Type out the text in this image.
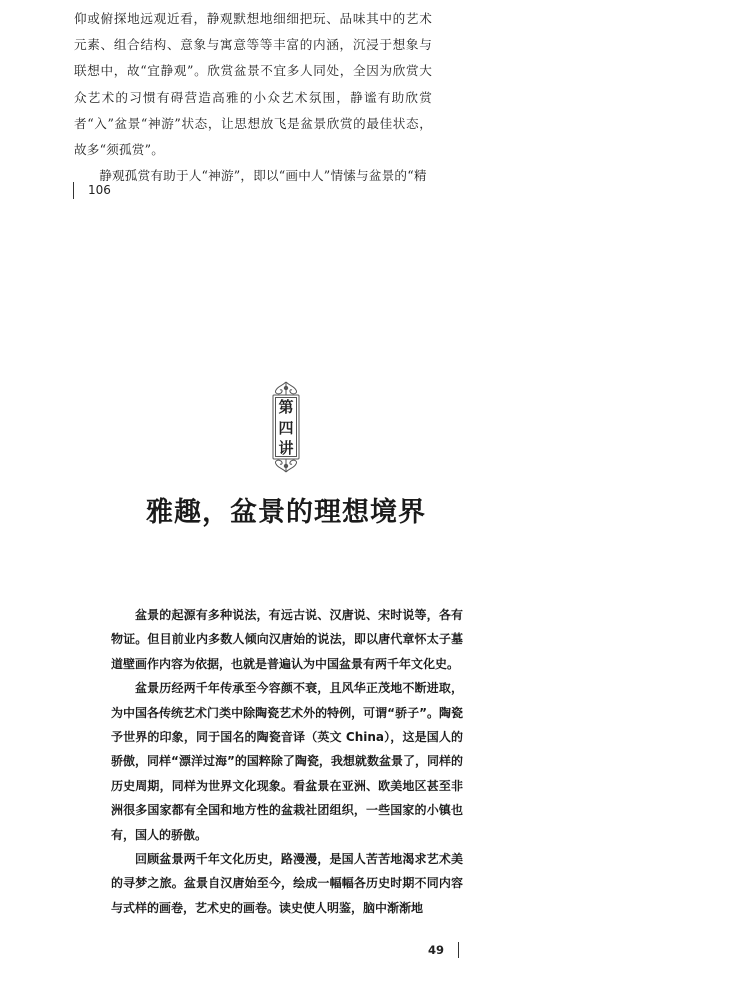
仰或俯探地远观近看，静观默想地细细把玩、品味其中的艺术元素、组合结构、意象与寓意等等丰富的内涵，沉浸于想象与联想中，故“宜静观”。欣赏盆景不宜多人同处，全因为欣赏大众艺术的习惯有碍营造高雅的小众艺术氛围，静谧有助欣赏者“入”盆景“神游”状态，让思想放飞是盆景欣赏的最佳状态，故多“须孤赏”。

静观孤赏有助于人“神游”，即以“画中人”情愫与盆景的“精

106
第
四
讲
雅趣，盆景的理想境界

盆景的起源有多种说法，有远古说、汉唐说、宋时说等，各有物证。但目前业内多数人倾向汉唐始的说法，即以唐代章怀太子墓道壁画作内容为依据，也就是普遍认为中国盆景有两千年文化史。

盆景历经两千年传承至今容颜不衰，且风华正茂地不断进取，为中国各传统艺术门类中除陶瓷艺术外的特例，可谓“骄子”。陶瓷予世界的印象，同于国名的陶瓷音译（英文 China），这是国人的骄傲，同样“漂洋过海”的国粹除了陶瓷，我想就数盆景了，同样的历史周期，同样为世界文化现象。看盆景在亚洲、欧美地区甚至非洲很多国家都有全国和地方性的盆栽社团组织，一些国家的小镇也有，国人的骄傲。

回顾盆景两千年文化历史，路漫漫，是国人苦苦地渴求艺术美的寻梦之旅。盆景自汉唐始至今，绘成一幅幅各历史时期不同内容与式样的画卷，艺术史的画卷。读史使人明鉴，脑中渐渐地

49
